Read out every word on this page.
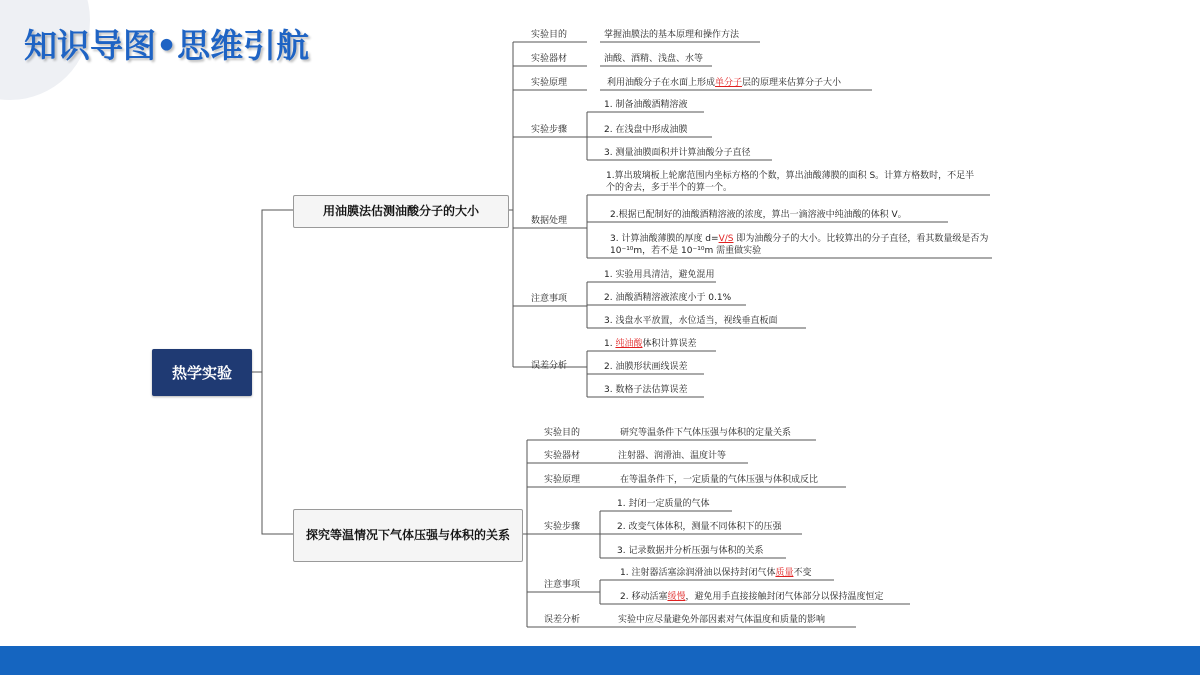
知识导图•思维引航
热学实验
用油膜法估测油酸分子的大小
探究等温情况下气体压强与体积的关系
实验目的	掌握油膜法的基本原理和操作方法
实验器材	油酸、酒精、浅盘、水等
实验原理	利用油酸分子在水面上形成单分子层的原理来估算分子大小
实验步骤
1. 制备油酸酒精溶液
2. 在浅盘中形成油膜
3. 测量油膜面积并计算油酸分子直径
数据处理
1.算出玻璃板上轮廓范围内坐标方格的个数，算出油酸薄膜的面积 S。计算方格数时，不足半个的舍去，多于半个的算一个。
2.根据已配制好的油酸酒精溶液的浓度，算出一滴溶液中纯油酸的体积 V。
3. 计算油酸薄膜的厚度 d=V/S 即为油酸分子的大小。比较算出的分子直径，看其数量级是否为 10⁻¹⁰m，若不是 10⁻¹⁰m 需重做实验
注意事项
1. 实验用具清洁，避免混用
2. 油酸酒精溶液浓度小于 0.1%
3. 浅盘水平放置，水位适当，视线垂直板面
误差分析
1. 纯油酸体积计算误差
2. 油膜形状画线误差
3. 数格子法估算误差
实验目的	研究等温条件下气体压强与体积的定量关系
实验器材	注射器、润滑油、温度计等
实验原理	在等温条件下，一定质量的气体压强与体积成反比
实验步骤
1. 封闭一定质量的气体
2. 改变气体体积，测量不同体积下的压强
3. 记录数据并分析压强与体积的关系
注意事项
1. 注射器活塞涂润滑油以保持封闭气体质量不变
2. 移动活塞缓慢，避免用手直接接触封闭气体部分以保持温度恒定
误差分析	实验中应尽量避免外部因素对气体温度和质量的影响
